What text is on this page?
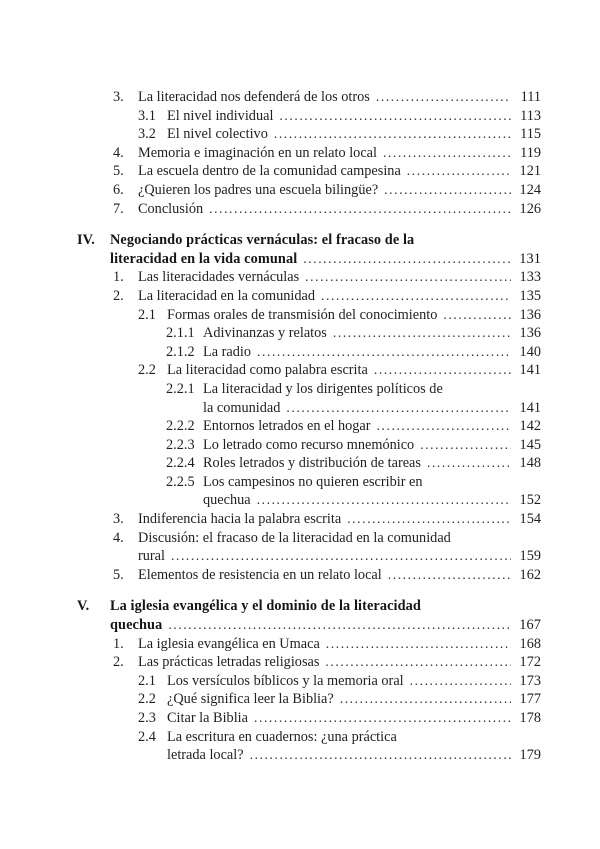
3. La literacidad nos defenderá de los otros .....	111
3.1 El nivel individual .....	113
3.2 El nivel colectivo .....	115
4. Memoria e imaginación en un relato local .....	119
5. La escuela dentro de la comunidad campesina .....	121
6. ¿Quieren los padres una escuela bilingüe? .....	124
7. Conclusión .....	126
IV.	Negociando prácticas vernáculas: el fracaso de la
literacidad en la vida comunal .....	131
1. Las literacidades vernáculas .....	133
2. La literacidad en la comunidad .....	135
2.1 Formas orales de transmisión del conocimiento .....	136
2.1.1 Adivinanzas y relatos .....	136
2.1.2 La radio .....	140
2.2 La literacidad como palabra escrita .....	141
2.2.1 La literacidad y los dirigentes políticos de
la comunidad .....	141
2.2.2 Entornos letrados en el hogar .....	142
2.2.3 Lo letrado como recurso mnemónico .....	145
2.2.4 Roles letrados y distribución de tareas .....	148
2.2.5 Los campesinos no quieren escribir en
quechua .....	152
3. Indiferencia hacia la palabra escrita .....	154
4. Discusión: el fracaso de la literacidad en la comunidad
rural .....	159
5. Elementos de resistencia en un relato local .....	162
V.	La iglesia evangélica y el dominio de la literacidad
quechua .....	167
1. La iglesia evangélica en Umaca .....	168
2. Las prácticas letradas religiosas .....	172
2.1 Los versículos bíblicos y la memoria oral .....	173
2.2 ¿Qué significa leer la Biblia? .....	177
2.3 Citar la Biblia .....	178
2.4 La escritura en cuadernos: ¿una práctica
letrada local? .....	179
